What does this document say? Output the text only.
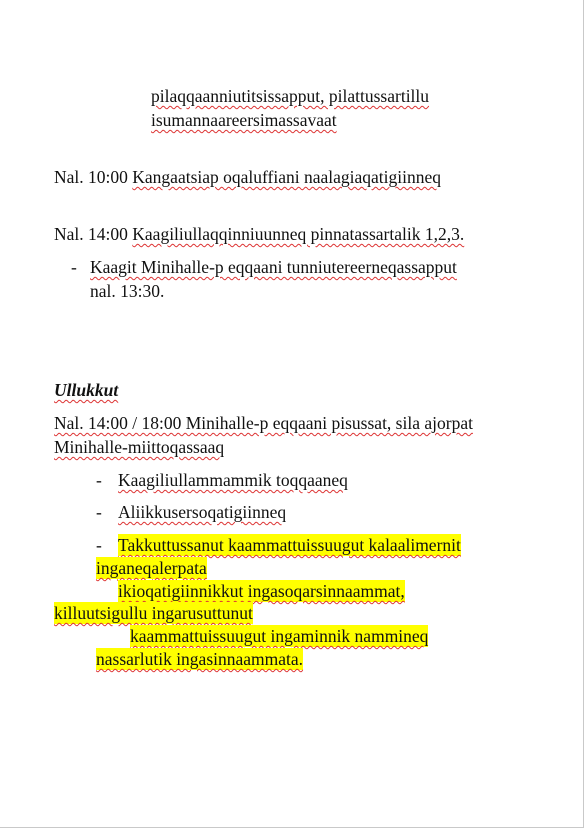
pilaqqaanniutitsissapput, pilattussartillu
isumannaareersimassavaat
Nal. 10:00 Kangaatsiap oqaluffiani naalagiaqatigiinneq
Nal. 14:00 Kaagiliullaqqinniuunneq pinnatassartalik 1,2,3.
- Kaagit Minihalle-p eqqaani tunniutereerneqassapput
nal. 13:30.
Ullukkut
Nal. 14:00 / 18:00 Minihalle-p eqqaani pisussat, sila ajorpat
Minihalle-miittoqassaaq
- Kaagiliullammammik toqqaaneq
- Aliikkusersoqatigiinneq
- Takkuttussanut kaammattuissuugut kalaalimernit
inganeqalerpata
ikioqatigiinnikkut ingasoqarsinnaammat,
killuutsigullu ingarusuttunut
kaammattuissuugut ingaminnik nammineq
nassarlutik ingasinnaammata.
